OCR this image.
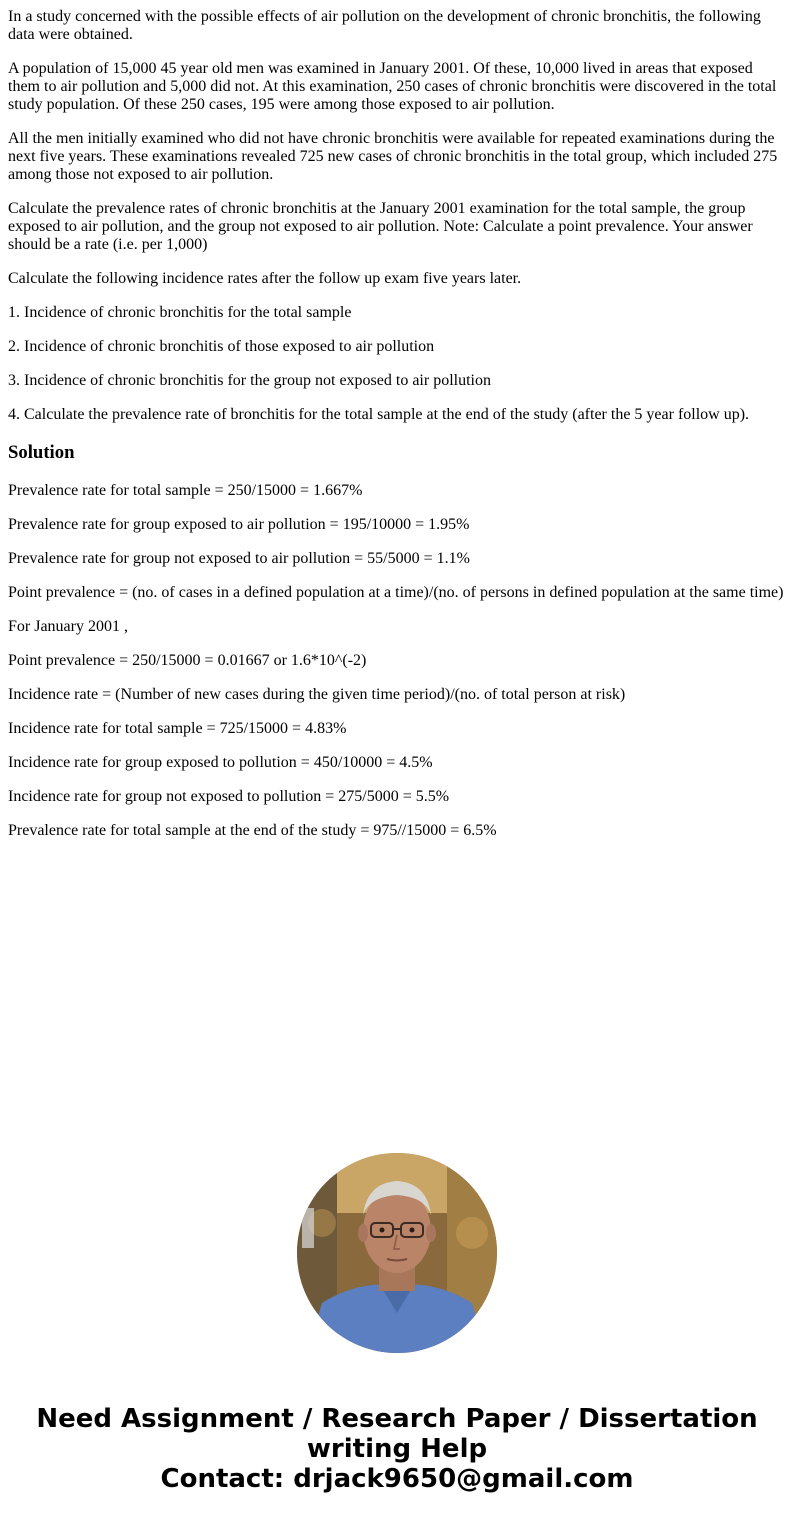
In a study concerned with the possible effects of air pollution on the development of chronic bronchitis, the following data were obtained.

A population of 15,000 45 year old men was examined in January 2001. Of these, 10,000 lived in areas that exposed them to air pollution and 5,000 did not. At this examination, 250 cases of chronic bronchitis were discovered in the total study population. Of these 250 cases, 195 were among those exposed to air pollution.

All the men initially examined who did not have chronic bronchitis were available for repeated examinations during the next five years. These examinations revealed 725 new cases of chronic bronchitis in the total group, which included 275 among those not exposed to air pollution.

Calculate the prevalence rates of chronic bronchitis at the January 2001 examination for the total sample, the group exposed to air pollution, and the group not exposed to air pollution. Note: Calculate a point prevalence. Your answer should be a rate (i.e. per 1,000)

Calculate the following incidence rates after the follow up exam five years later.

1. Incidence of chronic bronchitis for the total sample

2. Incidence of chronic bronchitis of those exposed to air pollution

3. Incidence of chronic bronchitis for the group not exposed to air pollution

4. Calculate the prevalence rate of bronchitis for the total sample at the end of the study (after the 5 year follow up).

Solution

Prevalence rate for total sample = 250/15000 = 1.667%

Prevalence rate for group exposed to air pollution = 195/10000 = 1.95%

Prevalence rate for group not exposed to air pollution = 55/5000 = 1.1%

Point prevalence = (no. of cases in a defined population at a time)/(no. of persons in defined population at the same time)

For January 2001 ,

Point prevalence = 250/15000 = 0.01667 or 1.6*10^(-2)

Incidence rate = (Number of new cases during the given time period)/(no. of total person at risk)

Incidence rate for total sample = 725/15000 = 4.83%

Incidence rate for group exposed to pollution = 450/10000 = 4.5%

Incidence rate for group not exposed to pollution = 275/5000 = 5.5%

Prevalence rate for total sample at the end of the study = 975//15000 = 6.5%

Need Assignment / Research Paper / Dissertation
writing Help
Contact: drjack9650@gmail.com
